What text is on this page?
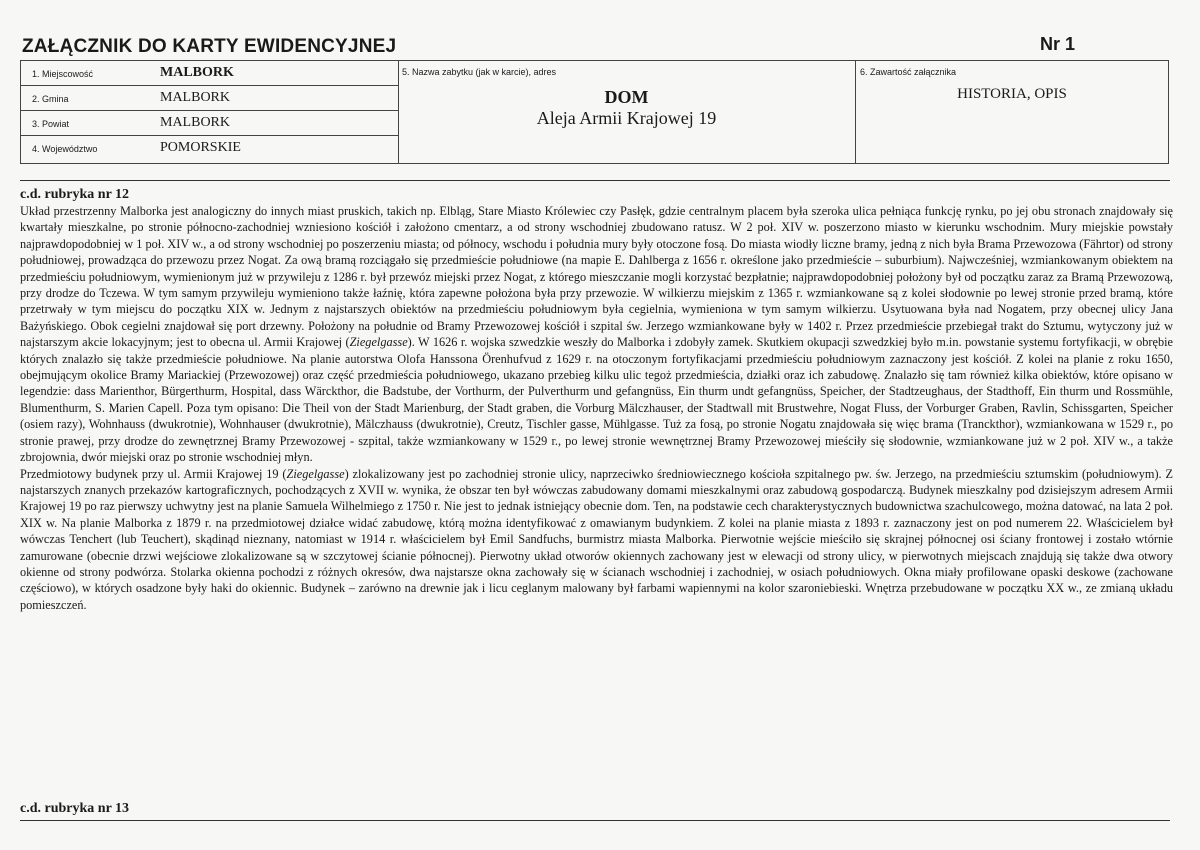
ZAŁĄCZNIK DO KARTY EWIDENCYJNEJ	Nr 1
1. Miejscowość	MALBORK
2. Gmina	MALBORK
3. Powiat	MALBORK
4. Województwo	POMORSKIE
5. Nazwa zabytku (jak w karcie), adres
DOM
Aleja Armii Krajowej 19
6. Zawartość załącznika
HISTORIA, OPIS
c.d. rubryka nr 12

Układ przestrzenny Malborka jest analogiczny do innych miast pruskich, takich np. Elbląg, Stare Miasto Królewiec czy Pasłęk, gdzie centralnym placem była szeroka ulica pełniąca funkcję rynku, po jej obu stronach znajdowały się kwartały mieszkalne, po stronie północno-zachodniej wzniesiono kościół i założono cmentarz, a od strony wschodniej zbudowano ratusz. W 2 poł. XIV w. poszerzono miasto w kierunku wschodnim. Mury miejskie powstały najprawdopodobniej w 1 poł. XIV w., a od strony wschodniej po poszerzeniu miasta; od północy, wschodu i południa mury były otoczone fosą. Do miasta wiodły liczne bramy, jedną z nich była Brama Przewozowa (Fährtor) od strony południowej, prowadząca do przewozu przez Nogat. Za ową bramą rozciągało się przedmieście południowe (na mapie E. Dahlberga z 1656 r. określone jako przedmieście – suburbium). Najwcześniej, wzmiankowanym obiektem na przedmieściu południowym, wymienionym już w przywileju z 1286 r. był przewóz miejski przez Nogat, z którego mieszczanie mogli korzystać bezpłatnie; najprawdopodobniej położony był od początku zaraz za Bramą Przewozową, przy drodze do Tczewa. W tym samym przywileju wymieniono także łaźnię, która zapewne położona była przy przewozie. W wilkierzu miejskim z 1365 r. wzmiankowane są z kolei słodownie po lewej stronie przed bramą, które przetrwały w tym miejscu do początku XIX w. Jednym z najstarszych obiektów na przedmieściu południowym była cegielnia, wymieniona w tym samym wilkierzu. Usytuowana była nad Nogatem, przy obecnej ulicy Jana Bażyńskiego. Obok cegielni znajdował się port drzewny. Położony na południe od Bramy Przewozowej kościół i szpital św. Jerzego wzmiankowane były w 1402 r. Przez przedmieście przebiegał trakt do Sztumu, wytyczony już w najstarszym akcie lokacyjnym; jest to obecna ul. Armii Krajowej (Ziegelgasse). W 1626 r. wojska szwedzkie weszły do Malborka i zdobyły zamek. Skutkiem okupacji szwedzkiej było m.in. powstanie systemu fortyfikacji, w obrębie których znalazło się także przedmieście południowe. Na planie autorstwa Olofa Hanssona Örenhufvud z 1629 r. na otoczonym fortyfikacjami przedmieściu południowym zaznaczony jest kościół. Z kolei na planie z roku 1650, obejmującym okolice Bramy Mariackiej (Przewozowej) oraz część przedmieścia południowego, ukazano przebieg kilku ulic tegoż przedmieścia, działki oraz ich zabudowę. Znalazło się tam również kilka obiektów, które opisano w legendzie: dass Marienthor, Bürgerthurm, Hospital, dass Wärckthor, die Badstube, der Vorthurm, der Pulverthurm und gefangnüss, Ein thurm undt gefangnüss, Speicher, der Stadtzeughaus, der Stadthoff, Ein thurm und Rossmühle, Blumenthurm, S. Marien Capell. Poza tym opisano: Die Theil von der Stadt Marienburg, der Stadt graben, die Vorburg Mälczhauser, der Stadtwall mit Brustwehre, Nogat Fluss, der Vorburger Graben, Ravlin, Schissgarten, Speicher (osiem razy), Wohnhauss (dwukrotnie), Wohnhauser (dwukrotnie), Mälczhauss (dwukrotnie), Creutz, Tischler gasse, Mühlgasse. Tuż za fosą, po stronie Nogatu znajdowała się więc brama (Tranckthor), wzmiankowana w 1529 r., po stronie prawej, przy drodze do zewnętrznej Bramy Przewozowej - szpital, także wzmiankowany w 1529 r., po lewej stronie wewnętrznej Bramy Przewozowej mieściły się słodownie, wzmiankowane już w 2 poł. XIV w., a także zbrojownia, dwór miejski oraz po stronie wschodniej młyn.

Przedmiotowy budynek przy ul. Armii Krajowej 19 (Ziegelgasse) zlokalizowany jest po zachodniej stronie ulicy, naprzeciwko średniowiecznego kościoła szpitalnego pw. św. Jerzego, na przedmieściu sztumskim (południowym). Z najstarszych znanych przekazów kartograficznych, pochodzących z XVII w. wynika, że obszar ten był wówczas zabudowany domami mieszkalnymi oraz zabudową gospodarczą. Budynek mieszkalny pod dzisiejszym adresem Armii Krajowej 19 po raz pierwszy uchwytny jest na planie Samuela Wilhelmiego z 1750 r. Nie jest to jednak istniejący obecnie dom. Ten, na podstawie cech charakterystycznych budownictwa szachulcowego, można datować, na lata 2 poł. XIX w. Na planie Malborka z 1879 r. na przedmiotowej działce widać zabudowę, którą można identyfikować z omawianym budynkiem. Z kolei na planie miasta z 1893 r. zaznaczony jest on pod numerem 22. Właścicielem był wówczas Tenchert (lub Teuchert), skądinąd nieznany, natomiast w 1914 r. właścicielem był Emil Sandfuchs, burmistrz miasta Malborka. Pierwotnie wejście mieściło się skrajnej północnej osi ściany frontowej i zostało wtórnie zamurowane (obecnie drzwi wejściowe zlokalizowane są w szczytowej ścianie północnej). Pierwotny układ otworów okiennych zachowany jest w elewacji od strony ulicy, w pierwotnych miejscach znajdują się także dwa otwory okienne od strony podwórza. Stolarka okienna pochodzi z różnych okresów, dwa najstarsze okna zachowały się w ścianach wschodniej i zachodniej, w osiach południowych. Okna miały profilowane opaski deskowe (zachowane częściowo), w których osadzone były haki do okiennic. Budynek – zarówno na drewnie jak i licu ceglanym malowany był farbami wapiennymi na kolor szaroniebieski. Wnętrza przebudowane w początku XX w., ze zmianą układu pomieszczeń.

c.d. rubryka nr 13
